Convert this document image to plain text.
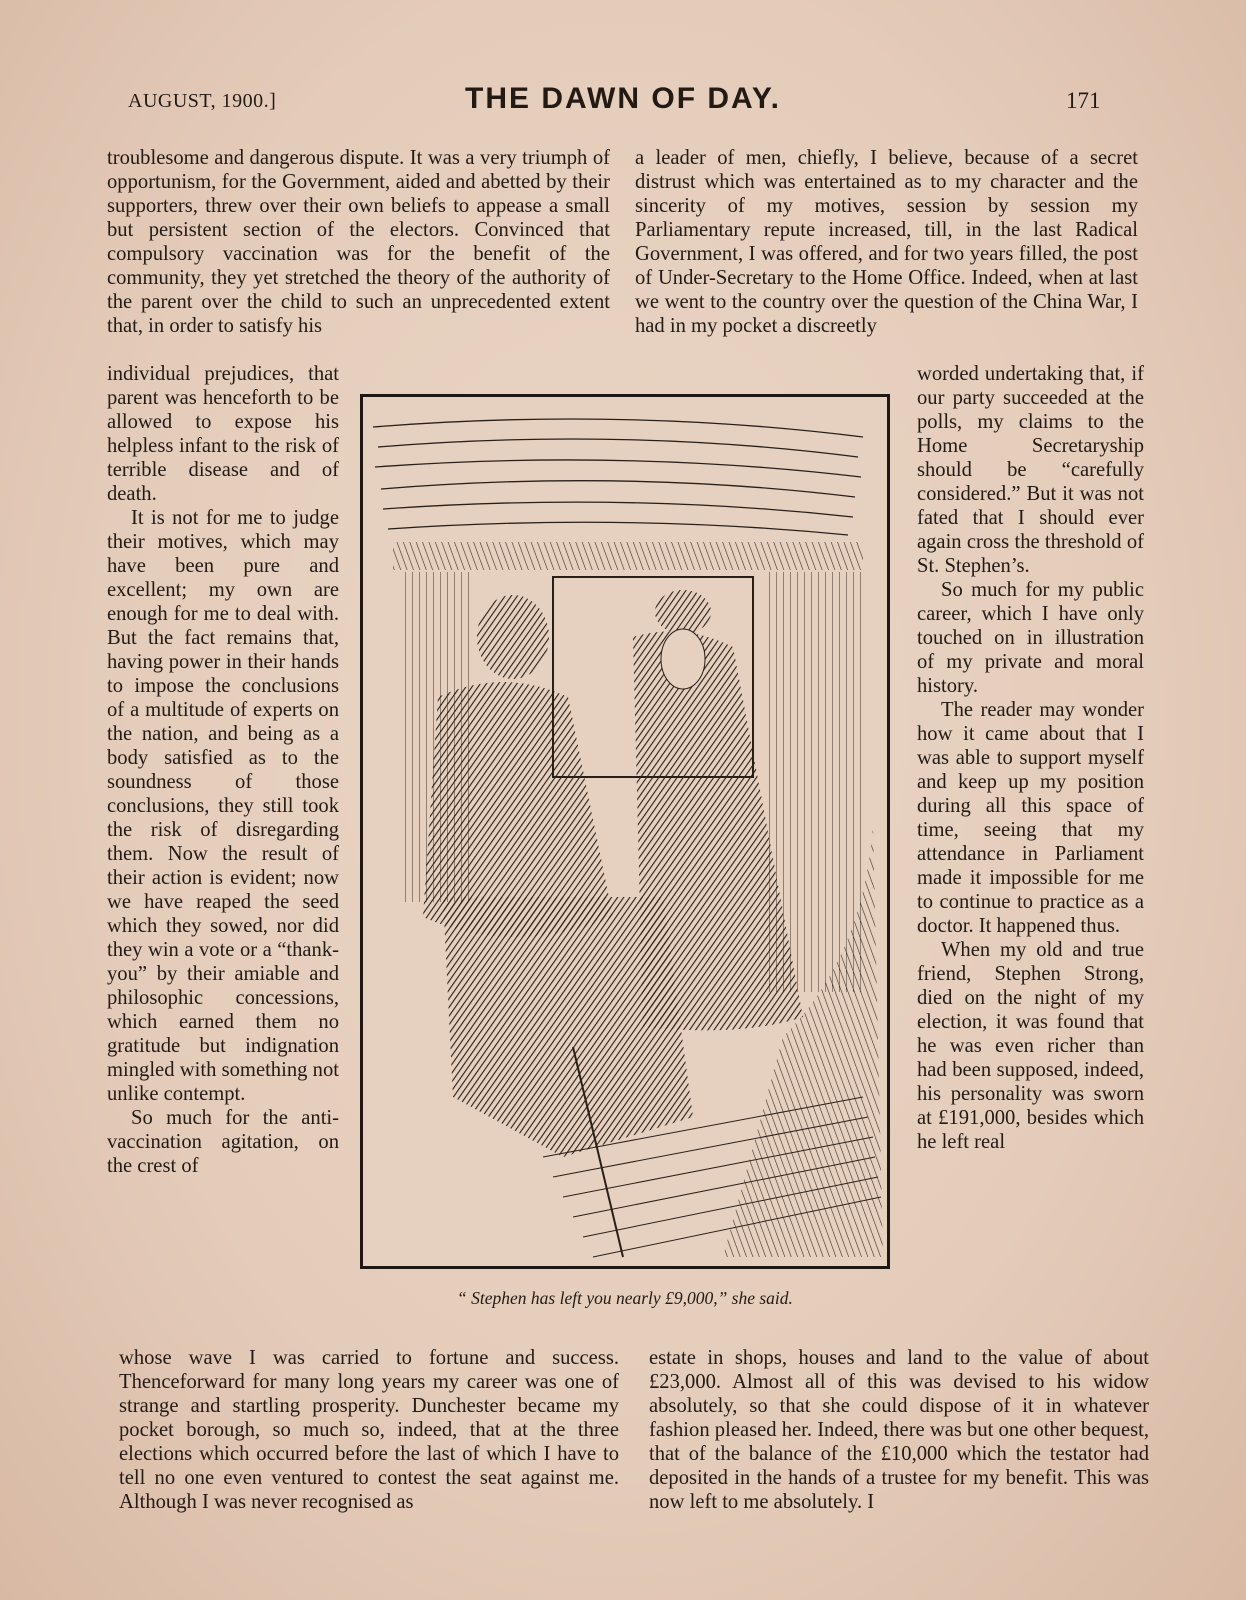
AUGUST, 1900.]	THE DAWN OF DAY.	171

troublesome and dangerous dispute. It was a very triumph of opportunism, for the Government, aided and abetted by their supporters, threw over their own beliefs to appease a small but persistent section of the electors. Convinced that compulsory vaccination was for the benefit of the community, they yet stretched the theory of the authority of the parent over the child to such an unprecedented extent that, in order to satisfy his

a leader of men, chiefly, I believe, because of a secret distrust which was entertained as to my character and the sincerity of my motives, session by session my Parliamentary repute increased, till, in the last Radical Government, I was offered, and for two years filled, the post of Under-Secretary to the Home Office. Indeed, when at last we went to the country over the question of the China War, I had in my pocket a discreetly

individual prejudices, that parent was henceforth to be allowed to expose his helpless infant to the risk of terrible disease and of death.

It is not for me to judge their motives, which may have been pure and excellent; my own are enough for me to deal with. But the fact remains that, having power in their hands to impose the conclusions of a multitude of experts on the nation, and being as a body satisfied as to the soundness of those conclusions, they still took the risk of disregarding them. Now the result of their action is evident; now we have reaped the seed which they sowed, nor did they win a vote or a “thank-you” by their amiable and philosophic concessions, which earned them no gratitude but indignation mingled with something not unlike contempt.

So much for the anti-vaccination agitation, on the crest of

“ Stephen has left you nearly £9,000,” she said.

worded undertaking that, if our party succeeded at the polls, my claims to the Home Secretaryship should be “carefully considered.” But it was not fated that I should ever again cross the threshold of St. Stephen’s.

So much for my public career, which I have only touched on in illustration of my private and moral history.

The reader may wonder how it came about that I was able to support myself and keep up my position during all this space of time, seeing that my attendance in Parliament made it impossible for me to continue to practice as a doctor. It happened thus.

When my old and true friend, Stephen Strong, died on the night of my election, it was found that he was even richer than had been supposed, indeed, his personality was sworn at £191,000, besides which he left real

whose wave I was carried to fortune and success. Thenceforward for many long years my career was one of strange and startling prosperity. Dunchester became my pocket borough, so much so, indeed, that at the three elections which occurred before the last of which I have to tell no one even ventured to contest the seat against me. Although I was never recognised as

estate in shops, houses and land to the value of about £23,000. Almost all of this was devised to his widow absolutely, so that she could dispose of it in whatever fashion pleased her. Indeed, there was but one other bequest, that of the balance of the £10,000 which the testator had deposited in the hands of a trustee for my benefit. This was now left to me absolutely. I
